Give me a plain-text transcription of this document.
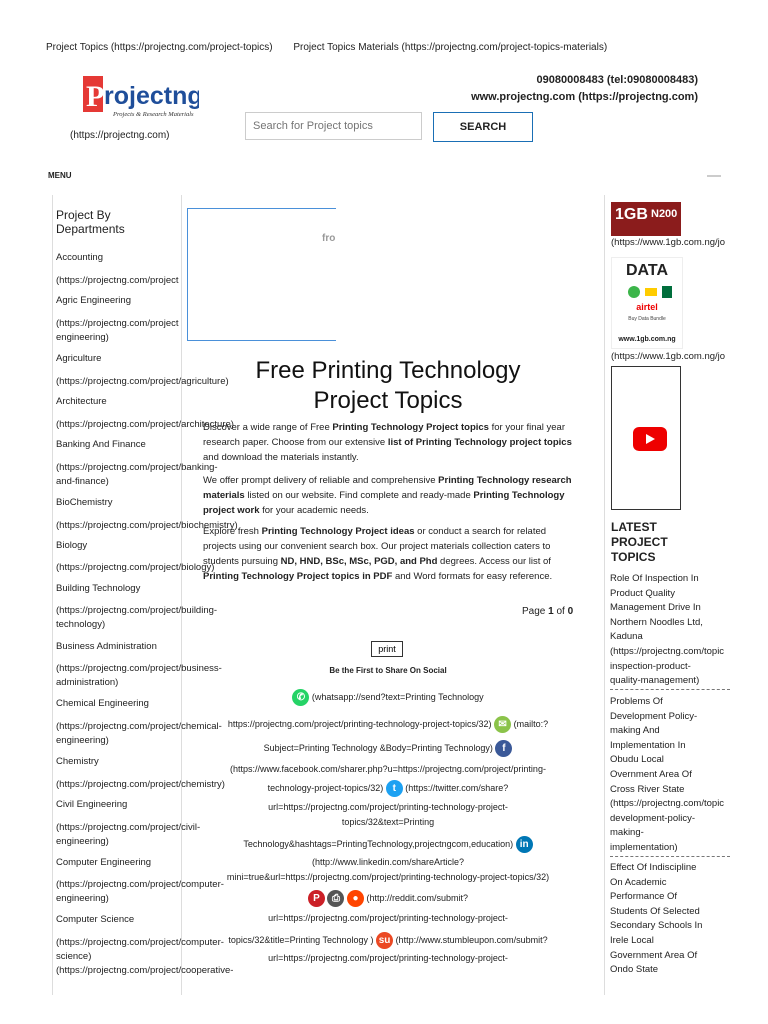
Project Topics (https://projectng.com/project-topics) Project Topics Materials (https://projectng.com/project-topics-materials)
P rojectng
Projects & Research Materials
(https://projectng.com)
Search for Project topics
SEARCH
09080008483 (tel:09080008483)
www.projectng.com (https://projectng.com)
MENU
Project By Departments
Accounting
(https://projectng.com/project
Agric Engineering
(https://projectng.com/project
engineering)
Agriculture
(https://projectng.com/project/agriculture)
Architecture
(https://projectng.com/project/architecture)
Banking And Finance
(https://projectng.com/project/banking-
and-finance)
BioChemistry
(https://projectng.com/project/biochemistry)
Biology
(https://projectng.com/project/biology)
Building Technology
(https://projectng.com/project/building-
technology)
Business Administration
(https://projectng.com/project/business-
administration)
Chemical Engineering
(https://projectng.com/project/chemical-
engineering)
Chemistry
(https://projectng.com/project/chemistry)
Civil Engineering
(https://projectng.com/project/civil-
engineering)
Computer Engineering
(https://projectng.com/project/computer-
engineering)
Computer Science
(https://projectng.com/project/computer-
science)
(https://projectng.com/project/cooperative-
fro
Free Printing Technology Project Topics
Discover a wide range of Free Printing Technology Project topics for your final year research paper. Choose from our extensive list of Printing Technology project topics and download the materials instantly.
We offer prompt delivery of reliable and comprehensive Printing Technology research materials listed on our website. Find complete and ready-made Printing Technology project work for your academic needs.
Explore fresh Printing Technology Project ideas or conduct a search for related projects using our convenient search box. Our project materials collection caters to students pursuing ND, HND, BSc, MSc, PGD, and Phd degrees. Access our list of Printing Technology Project topics in PDF and Word formats for easy reference.
Page 1 of 0
print
Be the First to Share On Social
✆ (whatsapp://send?text=Printing Technology
https://projectng.com/project/printing-technology-project-topics/32) ✉ (mailto:?
Subject=Printing Technology &Body=Printing Technology) f
(https://www.facebook.com/sharer.php?u=https://projectng.com/project/printing-
technology-project-topics/32) t (https://twitter.com/share?
url=https://projectng.com/project/printing-technology-project-
topics/32&text=Printing
Technology&hashtags=PrintingTechnology,projectngcom,education) in
(http://www.linkedin.com/shareArticle?
mini=true&url=https://projectng.com/project/printing-technology-project-topics/32)
P ⎙ ● (http://reddit.com/submit?
url=https://projectng.com/project/printing-technology-project-
topics/32&title=Printing Technology ) su (http://www.stumbleupon.com/submit?
url=https://projectng.com/project/printing-technology-project-
1GB N200
(https://www.1gb.com.ng/jo
DATA
airtel
Buy Data Bundle
www.1gb.com.ng
(https://www.1gb.com.ng/jo
LATEST PROJECT TOPICS
Role Of Inspection In
Product Quality
Management Drive In
Northern Noodles Ltd,
Kaduna
(https://projectng.com/topic
inspection-product-
quality-management)
Problems Of
Development Policy-
making And
Implementation In
Obudu Local
Overnment Area Of
Cross River State
(https://projectng.com/topic
development-policy-
making-
implementation)
Effect Of Indiscipline
On Academic
Performance Of
Students Of Selected
Secondary Schools In
Irele Local
Government Area Of
Ondo State
